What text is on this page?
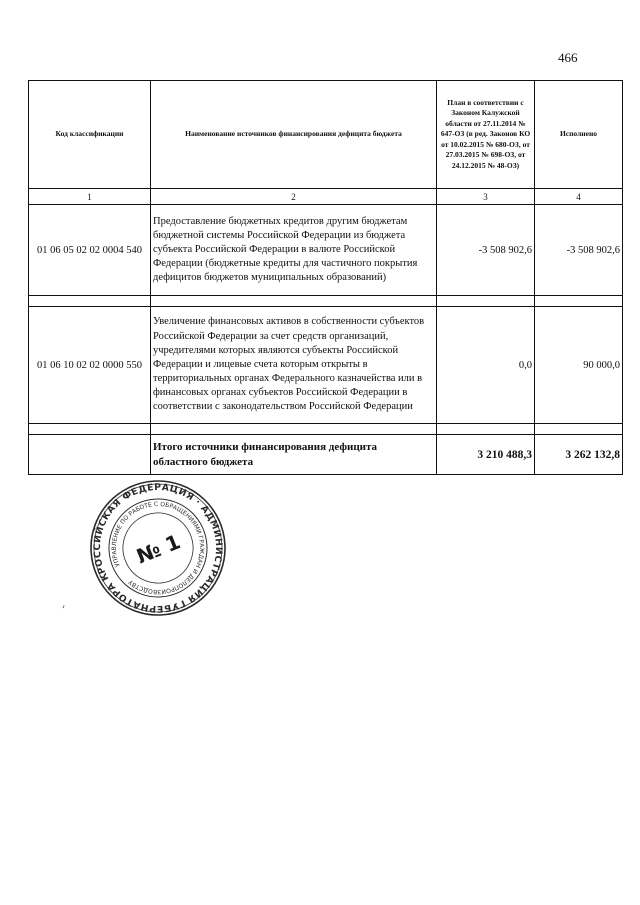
466
Код классификации	Наименование источников финансирования дефицита бюджета	План в соответствии с Законом Калужской области от 27.11.2014 № 647-ОЗ (в ред. Законов КО от 10.02.2015 № 680-ОЗ, от 27.03.2015 № 698-ОЗ, от 24.12.2015 № 48-ОЗ)	Исполнено
1	2	3	4
01 06 05 02 02 0004 540	Предоставление бюджетных кредитов другим бюджетам бюджетной системы Российской Федерации из бюджета субъекта Российской Федерации в валюте Российской Федерации (бюджетные кредиты для частичного покрытия дефицитов бюджетов муниципальных образований)	-3 508 902,6	-3 508 902,6

01 06 10 02 02 0000 550	Увеличение финансовых активов в собственности субъектов Российской Федерации за счет средств организаций, учредителями которых являются субъекты Российской Федерации и лицевые счета которым открыты в территориальных органах Федерального казначейства или в финансовых органах субъектов Российской Федерации в соответствии с законодательством Российской Федерации	0,0	90 000,0

	Итого источники финансирования дефицита областного бюджета	3 210 488,3	3 262 132,8
РОССИЙСКАЯ ФЕДЕРАЦИЯ · АДМИНИСТРАЦИЯ ГУБЕРНАТОРА КАЛУЖСКОЙ
УПРАВЛЕНИЕ ПО РАБОТЕ С ОБРАЩЕНИЯМИ ГРАЖДАН И ДЕЛОПРОИЗВОДСТВУ
№ 1
,
